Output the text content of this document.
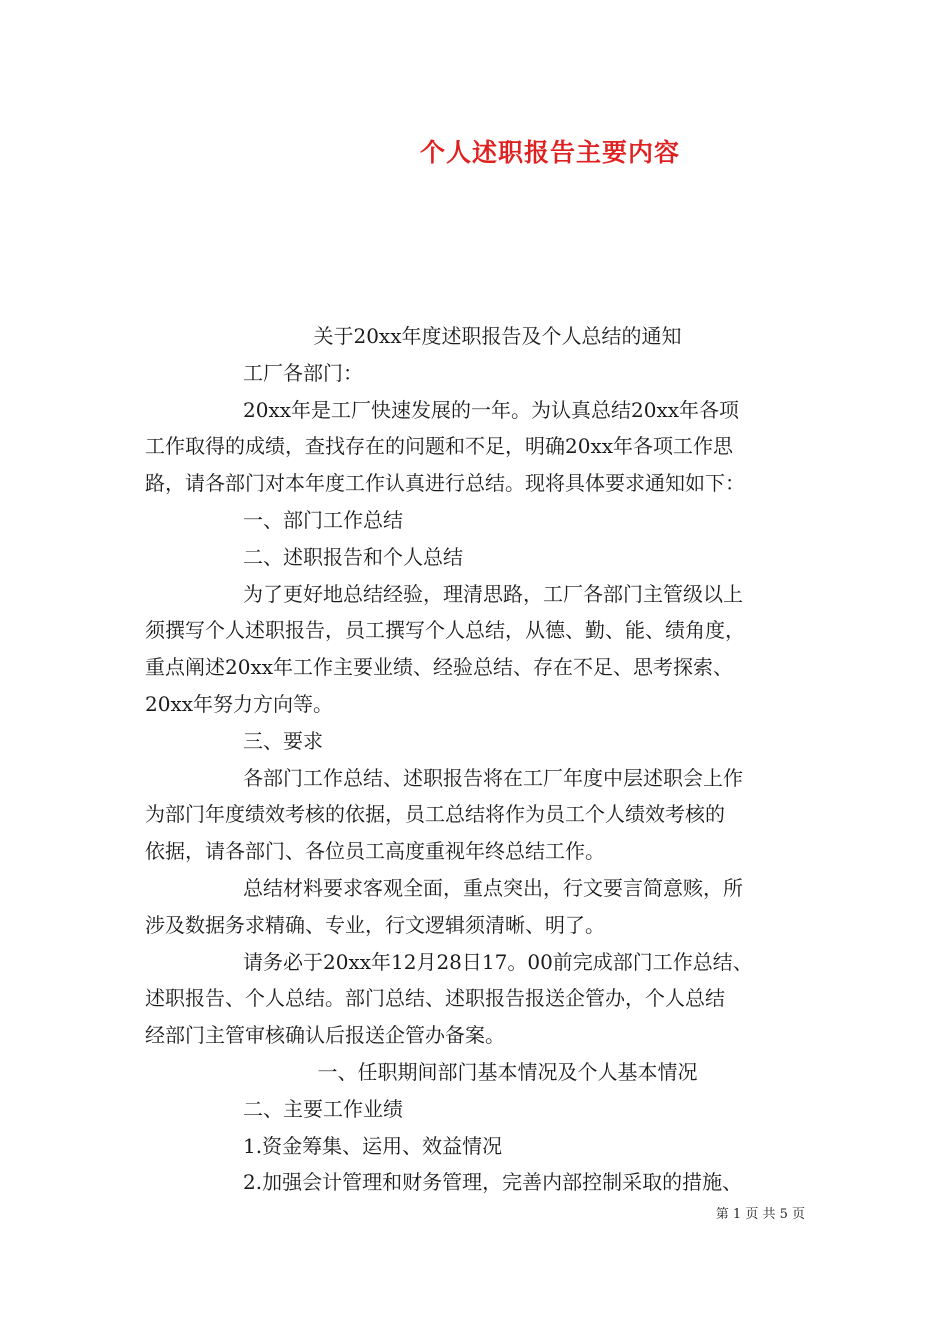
个人述职报告主要内容
关于20xx年度述职报告及个人总结的通知
工厂各部门：
20xx年是工厂快速发展的一年。为认真总结20xx年各项
工作取得的成绩，查找存在的问题和不足，明确20xx年各项工作思
路，请各部门对本年度工作认真进行总结。现将具体要求通知如下：
一、部门工作总结
二、述职报告和个人总结
为了更好地总结经验，理清思路，工厂各部门主管级以上
须撰写个人述职报告，员工撰写个人总结，从德、勤、能、绩角度，
重点阐述20xx年工作主要业绩、经验总结、存在不足、思考探索、
20xx年努力方向等。
三、要求
各部门工作总结、述职报告将在工厂年度中层述职会上作
为部门年度绩效考核的依据，员工总结将作为员工个人绩效考核的
依据，请各部门、各位员工高度重视年终总结工作。
总结材料要求客观全面，重点突出，行文要言简意赅，所
涉及数据务求精确、专业，行文逻辑须清晰、明了。
请务必于20xx年12月28日17。00前完成部门工作总结、
述职报告、个人总结。部门总结、述职报告报送企管办，个人总结
经部门主管审核确认后报送企管办备案。
一、任职期间部门基本情况及个人基本情况
二、主要工作业绩
1.资金筹集、运用、效益情况
2.加强会计管理和财务管理，完善内部控制采取的措施、
第 1 页 共 5 页
